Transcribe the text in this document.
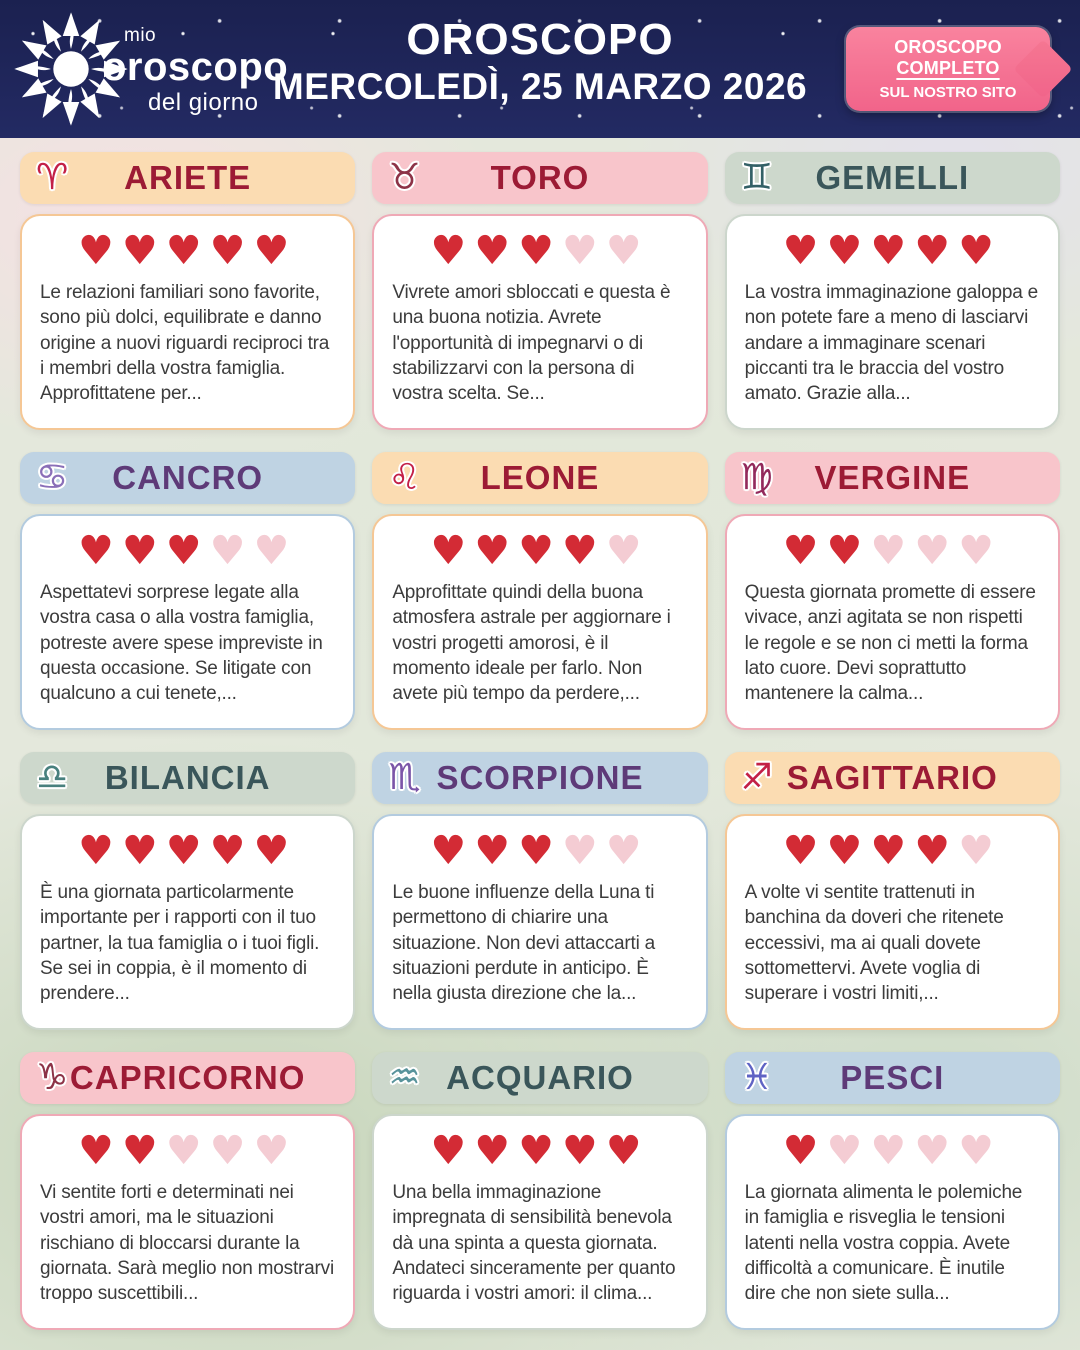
mio
oroscopo
del giorno
OROSCOPO
MERCOLEDÌ, 25 MARZO 2026
OROSCOPO COMPLETO
SUL NOSTRO SITO
♈ ARIETE
♥♥♥♥♥

Le relazioni familiari sono favorite, sono più dolci, equilibrate e danno origine a nuovi riguardi reciproci tra i membri della vostra famiglia. Approfittatene per...

♉ TORO
♥♥♥♥♥

Vivrete amori sbloccati e questa è una buona notizia. Avrete l'opportunità di impegnarvi o di stabilizzarvi con la persona di vostra scelta. Se...

♊ GEMELLI
♥♥♥♥♥

La vostra immaginazione galoppa e non potete fare a meno di lasciarvi andare a immaginare scenari piccanti tra le braccia del vostro amato. Grazie alla...

♋ CANCRO
♥♥♥♥♥

Aspettatevi sorprese legate alla vostra casa o alla vostra famiglia, potreste avere spese impreviste in questa occasione. Se litigate con qualcuno a cui tenete,...

♌ LEONE
♥♥♥♥♥

Approfittate quindi della buona atmosfera astrale per aggiornare i vostri progetti amorosi, è il momento ideale per farlo. Non avete più tempo da perdere,...

♍ VERGINE
♥♥♥♥♥

Questa giornata promette di essere vivace, anzi agitata se non rispetti le regole e se non ci metti la forma lato cuore. Devi soprattutto mantenere la calma...

♎ BILANCIA
♥♥♥♥♥

È una giornata particolarmente importante per i rapporti con il tuo partner, la tua famiglia o i tuoi figli. Se sei in coppia, è il momento di prendere...

♏ SCORPIONE
♥♥♥♥♥

Le buone influenze della Luna ti permettono di chiarire una situazione. Non devi attaccarti a situazioni perdute in anticipo. È nella giusta direzione che la...

♐ SAGITTARIO
♥♥♥♥♥

A volte vi sentite trattenuti in banchina da doveri che ritenete eccessivi, ma ai quali dovete sottomettervi. Avete voglia di superare i vostri limiti,...

♑ CAPRICORNO
♥♥♥♥♥

Vi sentite forti e determinati nei vostri amori, ma le situazioni rischiano di bloccarsi durante la giornata. Sarà meglio non mostrarvi troppo suscettibili...

♒ ACQUARIO
♥♥♥♥♥

Una bella immaginazione impregnata di sensibilità benevola dà una spinta a questa giornata. Andateci sinceramente per quanto riguarda i vostri amori: il clima...

♓ PESCI
♥♥♥♥♥

La giornata alimenta le polemiche in famiglia e risveglia le tensioni latenti nella vostra coppia. Avete difficoltà a comunicare. È inutile dire che non siete sulla...
